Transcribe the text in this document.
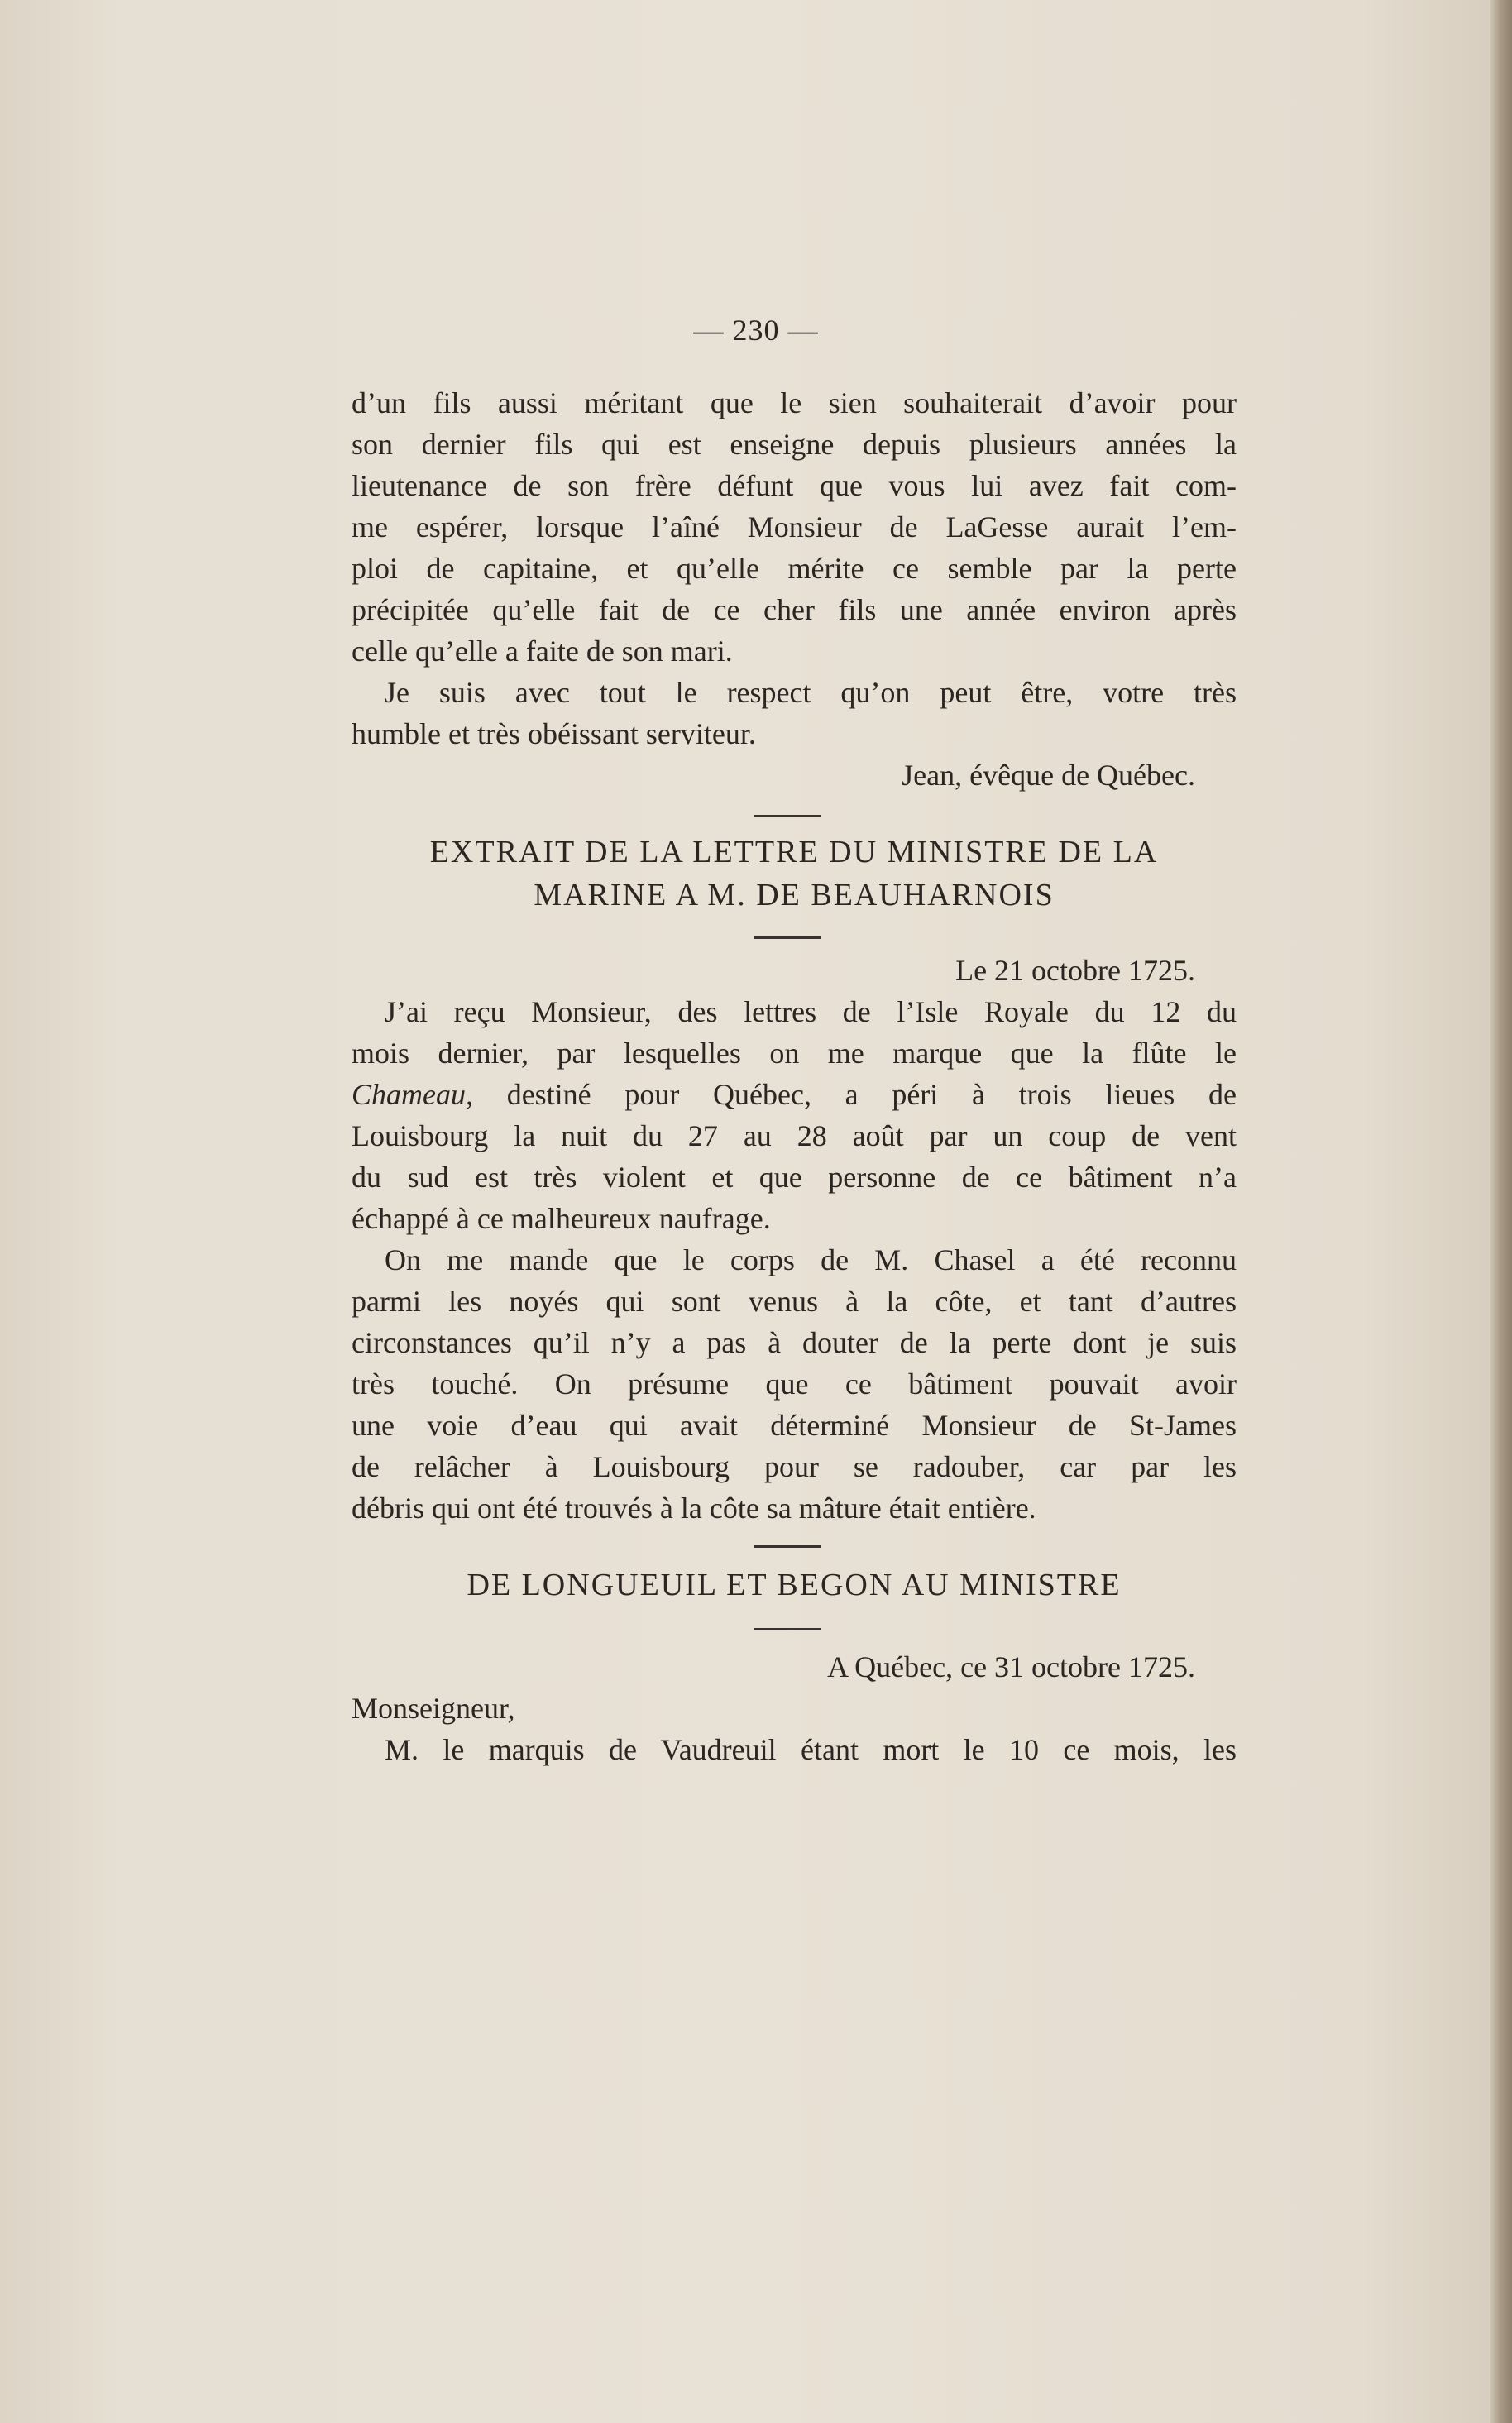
— 230 —
d’un fils aussi méritant que le sien souhaiterait d’avoir pour
son dernier fils qui est enseigne depuis plusieurs années la
lieutenance de son frère défunt que vous lui avez fait com-
me espérer, lorsque l’aîné Monsieur de LaGesse aurait l’em-
ploi de capitaine, et qu’elle mérite ce semble par la perte
précipitée qu’elle fait de ce cher fils une année environ après
celle qu’elle a faite de son mari.
Je suis avec tout le respect qu’on peut être, votre très
humble et très obéissant serviteur.
Jean, évêque de Québec.
EXTRAIT DE LA LETTRE DU MINISTRE DE LA
MARINE A M. DE BEAUHARNOIS
Le 21 octobre 1725.
J’ai reçu Monsieur, des lettres de l’Isle Royale du 12 du
mois dernier, par lesquelles on me marque que la flûte le
Chameau, destiné pour Québec, a péri à trois lieues de
Louisbourg la nuit du 27 au 28 août par un coup de vent
du sud est très violent et que personne de ce bâtiment n’a
échappé à ce malheureux naufrage.
On me mande que le corps de M. Chasel a été reconnu
parmi les noyés qui sont venus à la côte, et tant d’autres
circonstances qu’il n’y a pas à douter de la perte dont je suis
très touché. On présume que ce bâtiment pouvait avoir
une voie d’eau qui avait déterminé Monsieur de St-James
de relâcher à Louisbourg pour se radouber, car par les
débris qui ont été trouvés à la côte sa mâture était entière.
DE LONGUEUIL ET BEGON AU MINISTRE
A Québec, ce 31 octobre 1725.
Monseigneur,
M. le marquis de Vaudreuil étant mort le 10 ce mois, les
